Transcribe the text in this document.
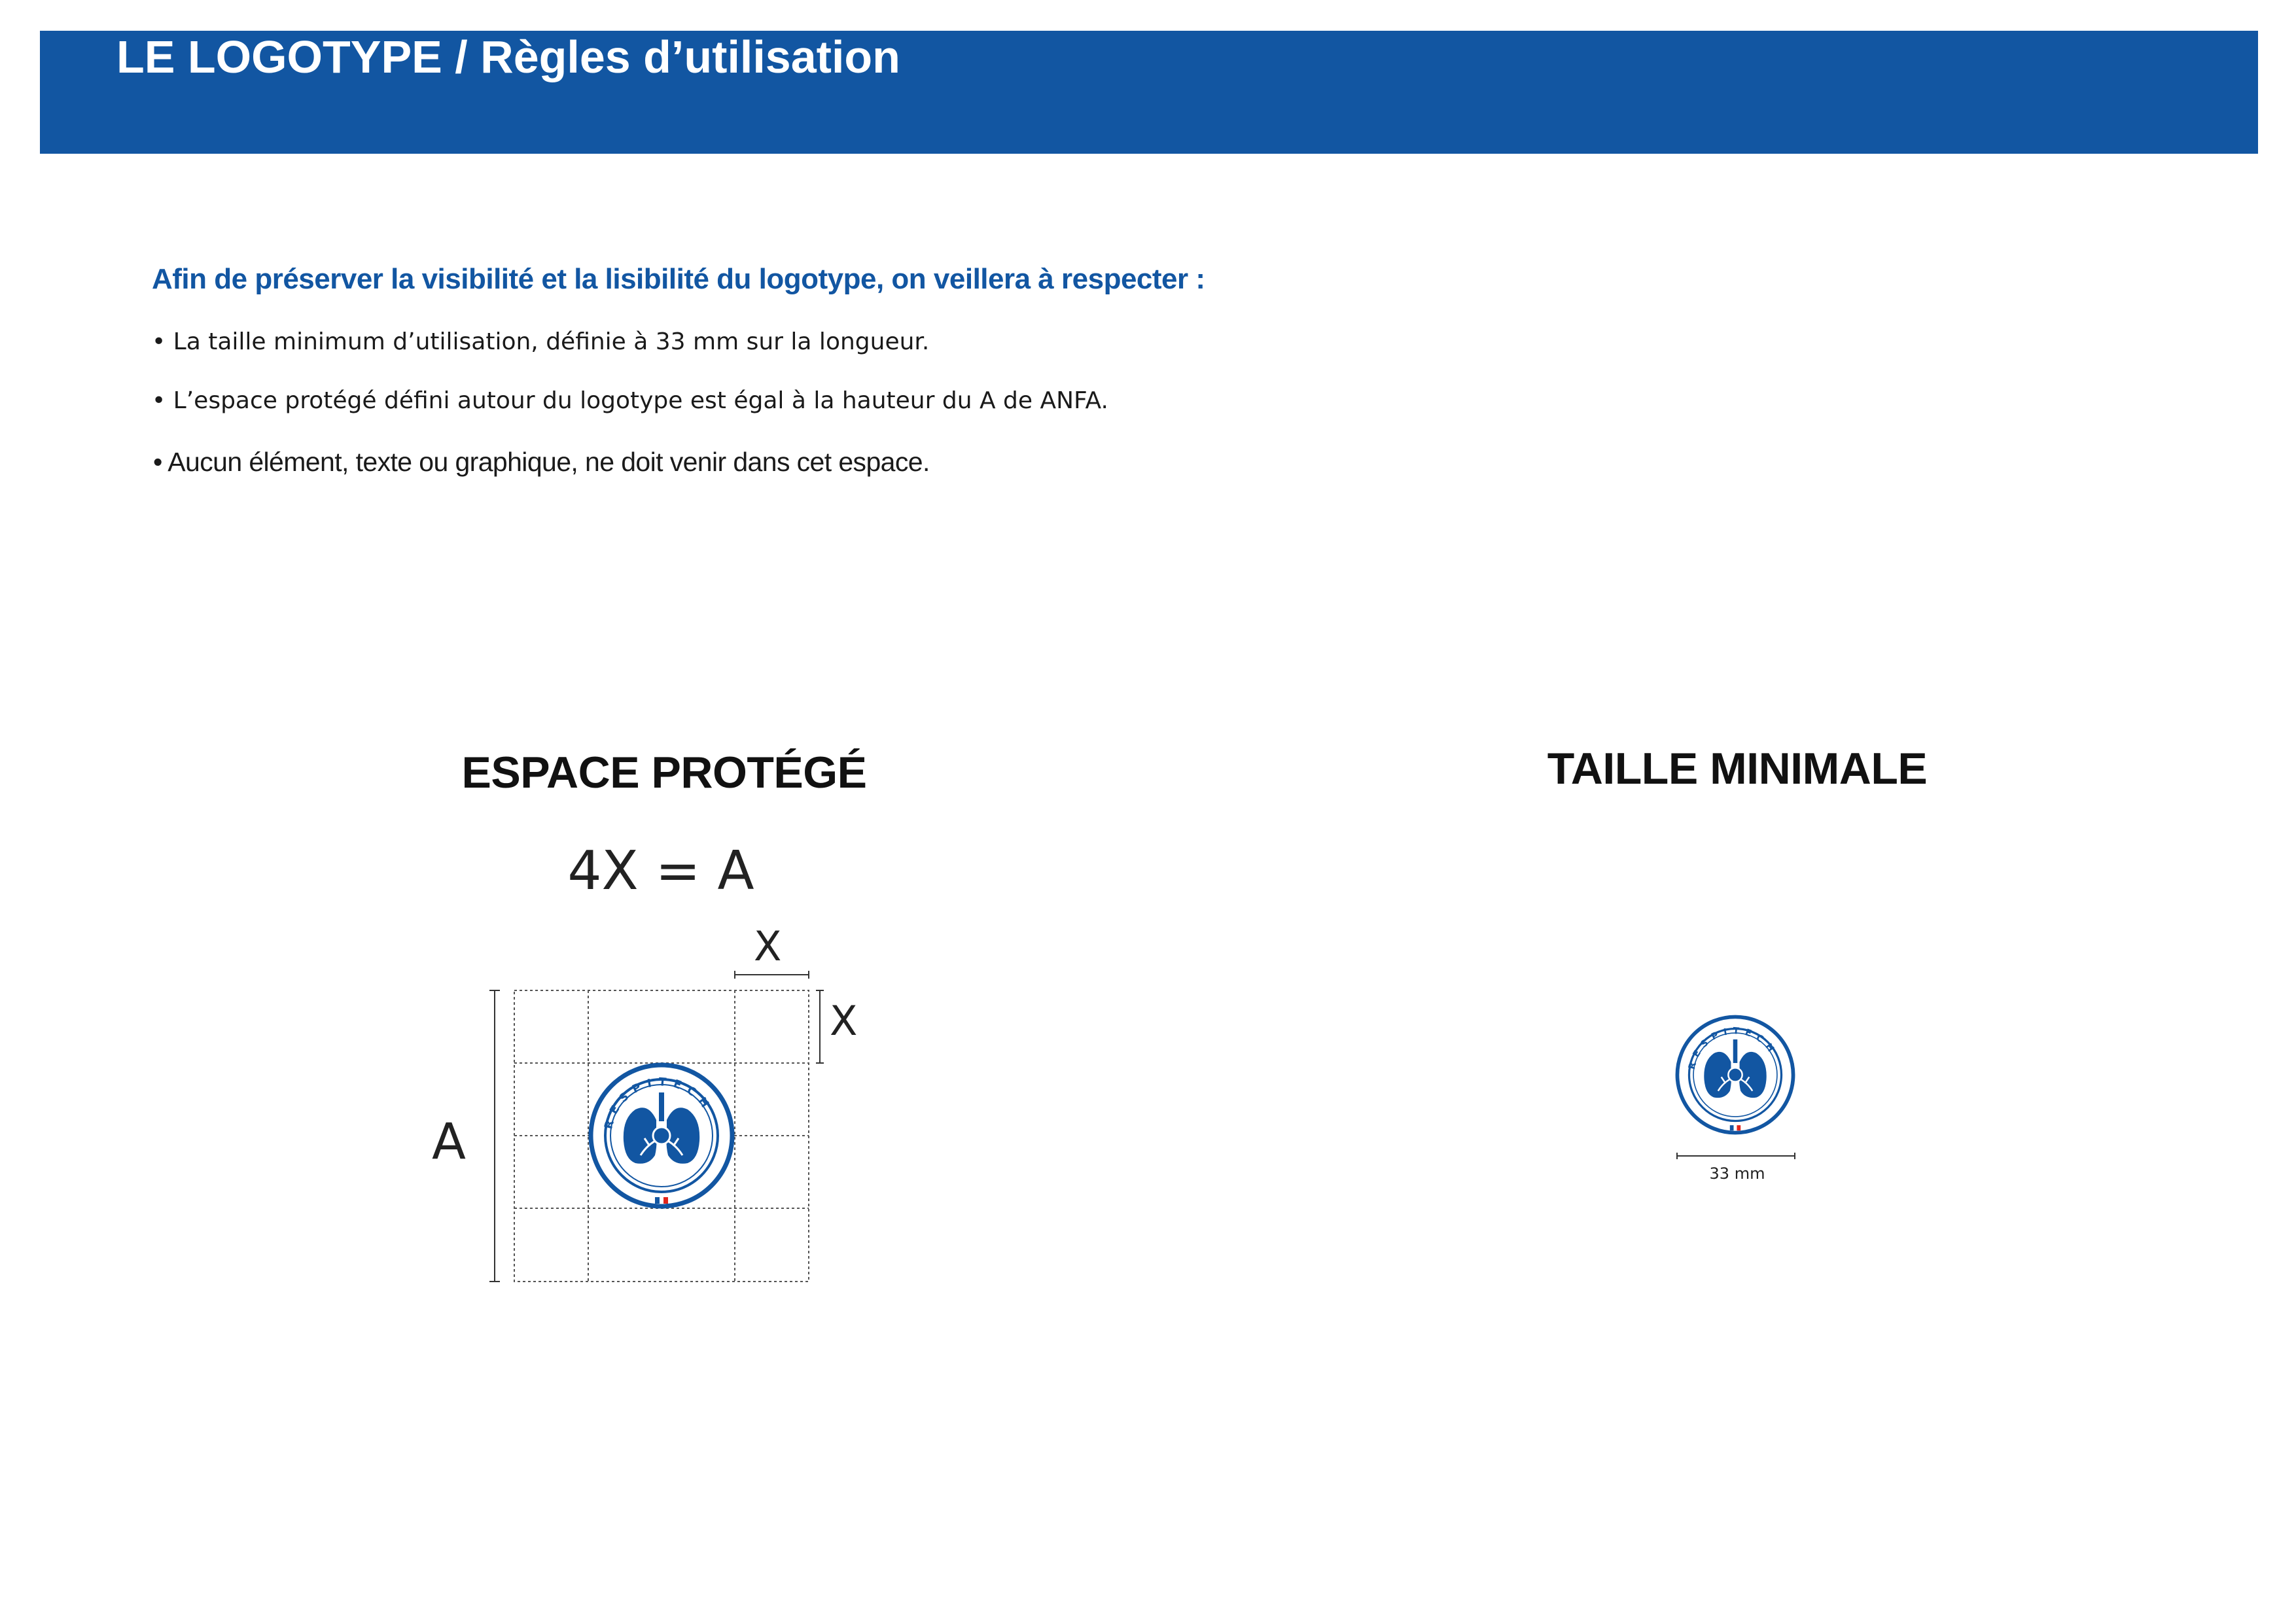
LE LOGOTYPE / Règles d’utilisation

Afin de préserver la visibilité et la lisibilité du logotype, on veillera à respecter :

• La taille minimum d’utilisation, définie à 33 mm sur la longueur.

• L’espace protégé défini autour du logotype est égal à la hauteur du A de ANFA.

• Aucun élément, texte ou graphique, ne doit venir dans cet espace.

ESPACE PROTÉGÉ	TAILLE MINIMALE

4X = A

RESPITECH
RESPITECH

X

X

A

33 mm
